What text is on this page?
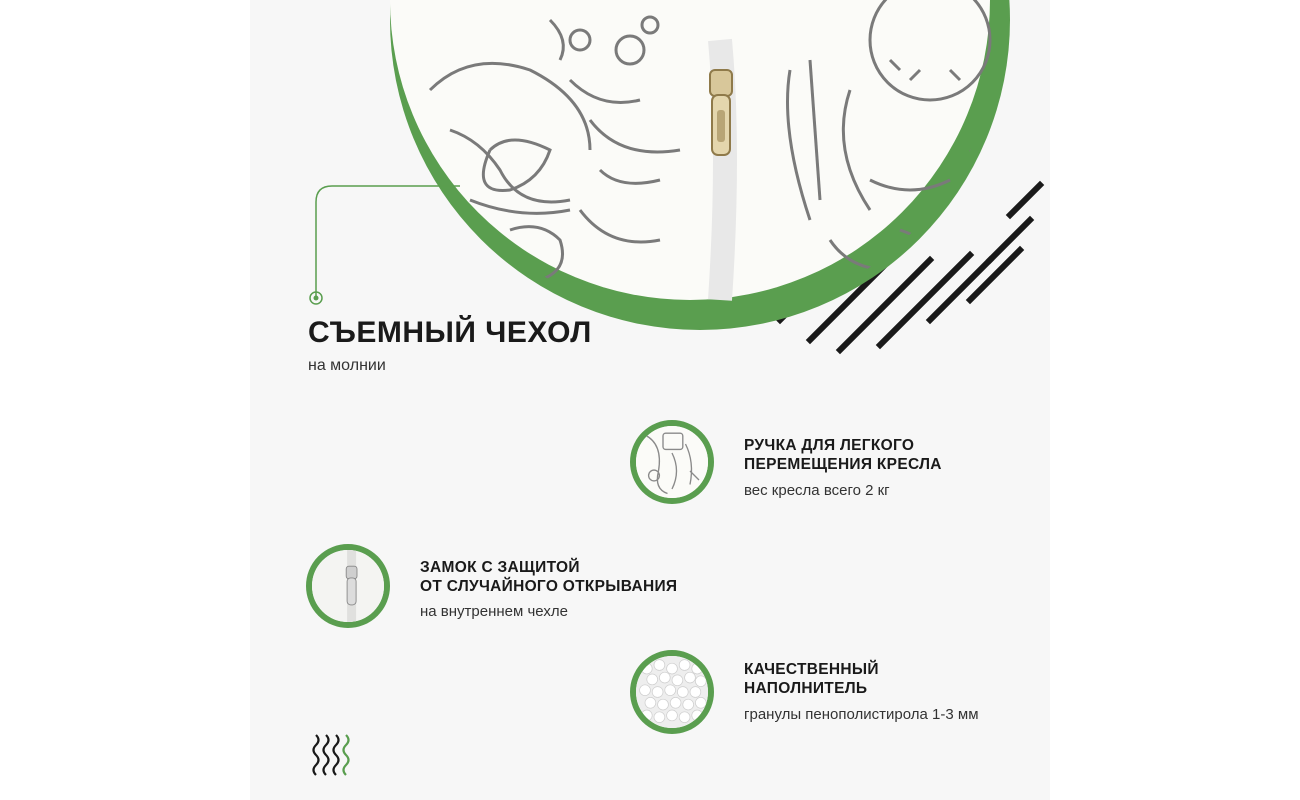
СЪЕМНЫЙ ЧЕХОЛ
на молнии
РУЧКА ДЛЯ ЛЕГКОГО
ПЕРЕМЕЩЕНИЯ КРЕСЛА
вес кресла всего 2 кг
ЗАМОК С ЗАЩИТОЙ
ОТ СЛУЧАЙНОГО ОТКРЫВАНИЯ
на внутреннем чехле
КАЧЕСТВЕННЫЙ
НАПОЛНИТЕЛЬ
гранулы пенополистирола 1-3 мм
